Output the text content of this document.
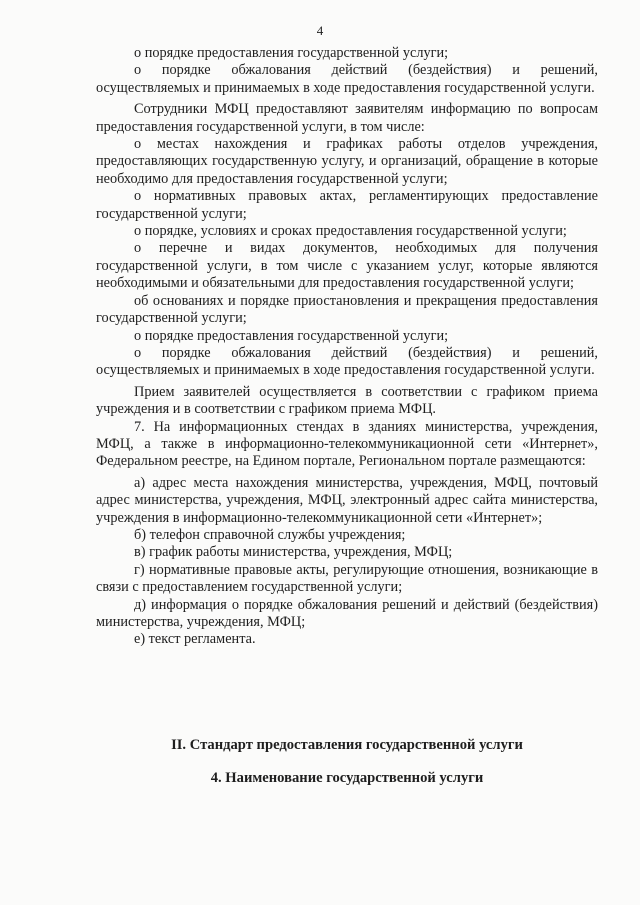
4

о порядке предоставления государственной услуги;

о порядке обжалования действий (бездействия) и решений, осуществляемых и принимаемых в ходе предоставления государственной услуги.

Сотрудники МФЦ предоставляют заявителям информацию по вопросам предоставления государственной услуги, в том числе:

о местах нахождения и графиках работы отделов учреждения, предоставляющих государственную услугу, и организаций, обращение в которые необходимо для предоставления государственной услуги;

о нормативных правовых актах, регламентирующих предоставление государственной услуги;

о порядке, условиях и сроках предоставления государственной услуги;

о перечне и видах документов, необходимых для получения государственной услуги, в том числе с указанием услуг, которые являются необходимыми и обязательными для предоставления государственной услуги;

об основаниях и порядке приостановления и прекращения предоставления государственной услуги;

о порядке предоставления государственной услуги;

о порядке обжалования действий (бездействия) и решений, осуществляемых и принимаемых в ходе предоставления государственной услуги.

Прием заявителей осуществляется в соответствии с графиком приема учреждения и в соответствии с графиком приема МФЦ.

7. На информационных стендах в зданиях министерства, учреждения, МФЦ, а также в информационно-телекоммуникационной сети «Интернет», Федеральном реестре, на Едином портале, Региональном портале размещаются:

а) адрес места нахождения министерства, учреждения, МФЦ, почтовый адрес министерства, учреждения, МФЦ, электронный адрес сайта министерства, учреждения в информационно-телекоммуникационной сети «Интернет»;

б) телефон справочной службы учреждения;

в) график работы министерства, учреждения, МФЦ;

г) нормативные правовые акты, регулирующие отношения, возникающие в связи с предоставлением государственной услуги;

д) информация о порядке обжалования решений и действий (бездействия) министерства, учреждения, МФЦ;

е) текст регламента.

II. Стандарт предоставления государственной услуги
4. Наименование государственной услуги
